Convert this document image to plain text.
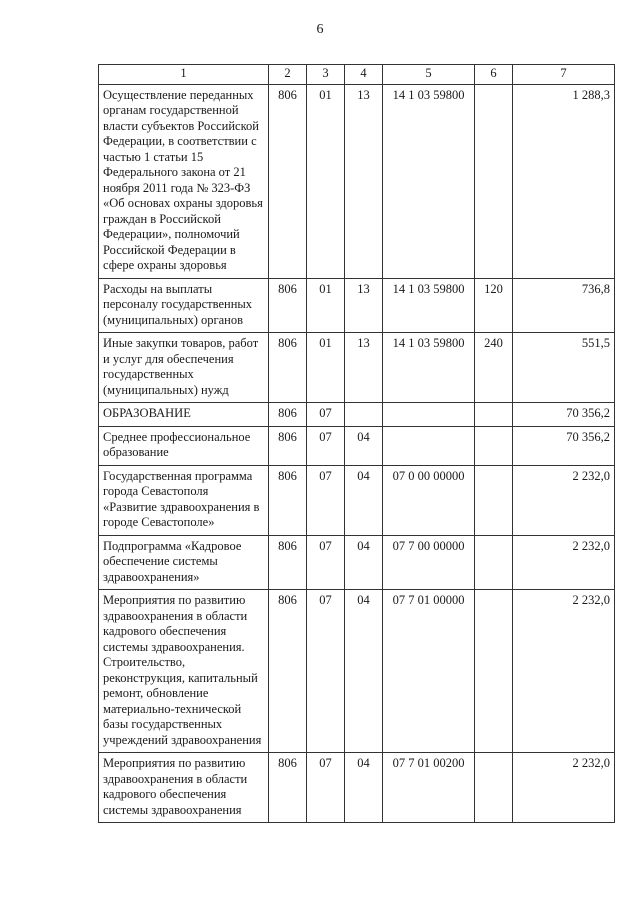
6
1	2	3	4	5	6	7
Осуществление переданных органам государственной власти субъектов Российской Федерации, в соответствии с частью 1 статьи 15 Федерального закона от 21 ноября 2011 года № 323-ФЗ «Об основах охраны здоровья граждан в Российской Федерации», полномочий Российской Федерации в сфере охраны здоровья	806	01	13	14 1 03 59800		1 288,3
Расходы на выплаты персоналу государственных (муниципальных) органов	806	01	13	14 1 03 59800	120	736,8
Иные закупки товаров, работ и услуг для обеспечения государственных (муниципальных) нужд	806	01	13	14 1 03 59800	240	551,5
ОБРАЗОВАНИЕ	806	07				70 356,2
Среднее профессиональное образование	806	07	04			70 356,2
Государственная программа города Севастополя «Развитие здравоохранения в городе Севастополе»	806	07	04	07 0 00 00000		2 232,0
Подпрограмма «Кадровое обеспечение системы здравоохранения»	806	07	04	07 7 00 00000		2 232,0
Мероприятия по развитию здравоохранения в области кадрового обеспечения системы здравоохранения. Строительство, реконструкция, капитальный ремонт, обновление материально-технической базы государственных учреждений здравоохранения	806	07	04	07 7 01 00000		2 232,0
Мероприятия по развитию здравоохранения в области кадрового обеспечения системы здравоохранения	806	07	04	07 7 01 00200		2 232,0
